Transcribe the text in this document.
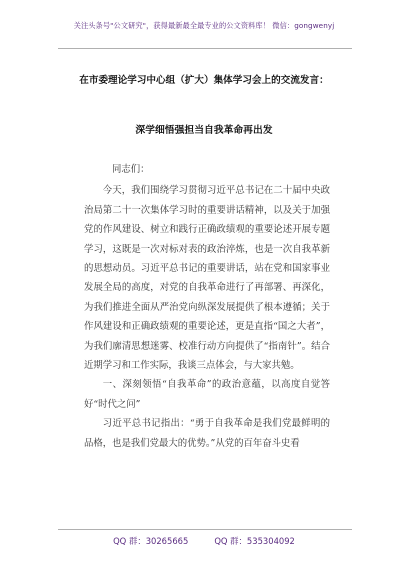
关注头条号"公文研究"，获得最新最全最专业的公文资料库！ 微信：gongwenyj
在市委理论学习中心组（扩大）集体学习会上的交流发言：
深学细悟强担当自我革命再出发

同志们：

今天，我们围绕学习贯彻习近平总书记在二十届中央政治局第二十一次集体学习时的重要讲话精神，以及关于加强党的作风建设、树立和践行正确政绩观的重要论述开展专题学习，这既是一次对标对表的政治淬炼，也是一次自我革新的思想动员。习近平总书记的重要讲话，站在党和国家事业发展全局的高度，对党的自我革命进行了再部署、再深化，为我们推进全面从严治党向纵深发展提供了根本遵循；关于作风建设和正确政绩观的重要论述，更是直指“国之大者”，为我们廓清思想迷雾、校准行动方向提供了“指南针”。结合近期学习和工作实际，我谈三点体会，与大家共勉。

一、深刻领悟“自我革命”的政治意蕴，以高度自觉答好“时代之问”

习近平总书记指出：“勇于自我革命是我们党最鲜明的品格，也是我们党最大的优势。”从党的百年奋斗史看

QQ 群：30265665	QQ 群：535304092
